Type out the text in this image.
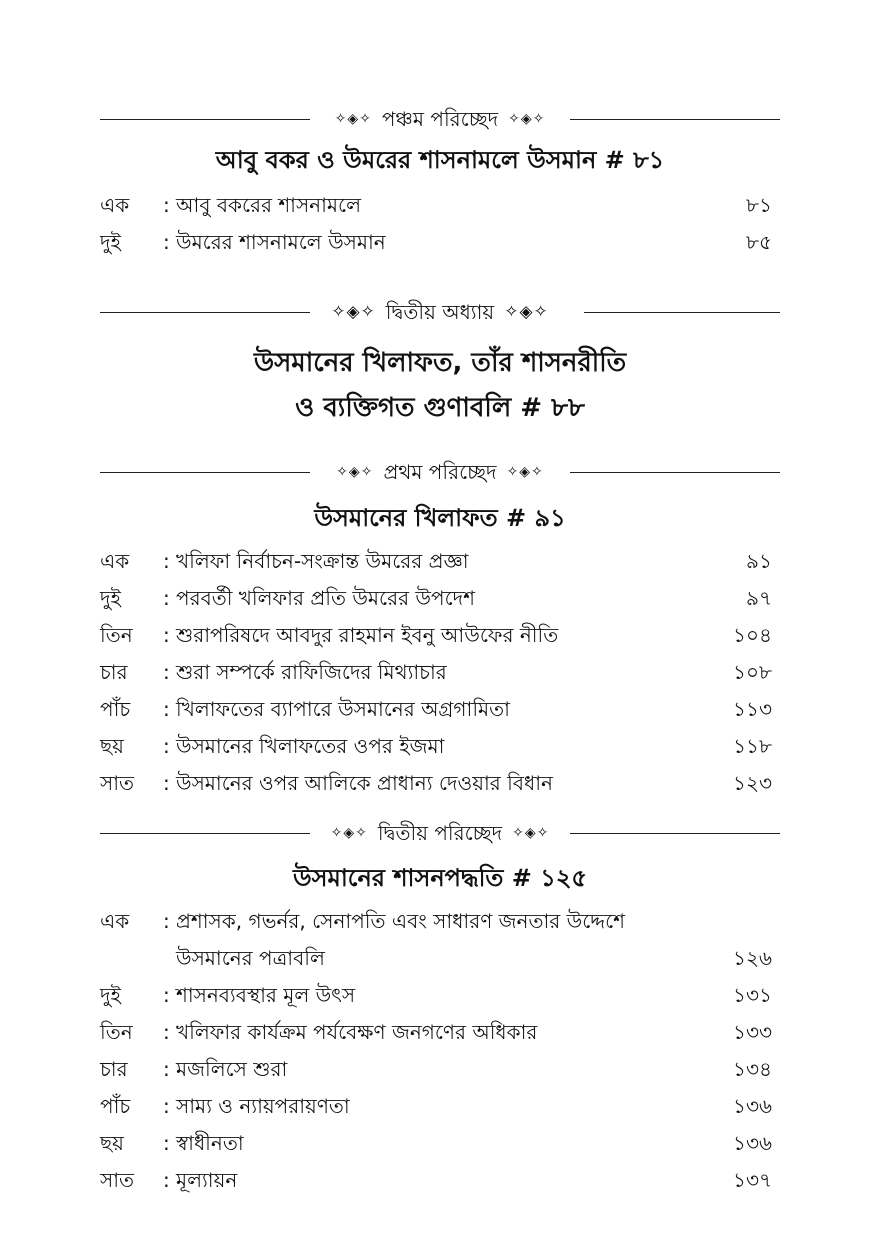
✧◈✧ পঞ্চম পরিচ্ছেদ ✧◈✧
আবু বকর ও উমরের শাসনামলে উসমান # ৮১
এক	: আবু বকরের শাসনামলে	৮১
দুই	: উমরের শাসনামলে উসমান	৮৫
✧◈✧ দ্বিতীয় অধ্যায় ✧◈✧
উসমানের খিলাফত, তাঁর শাসনরীতি
ও ব্যক্তিগত গুণাবলি # ৮৮
✧◈✧ প্রথম পরিচ্ছেদ ✧◈✧
উসমানের খিলাফত # ৯১
এক	: খলিফা নির্বাচন-সংক্রান্ত উমরের প্রজ্ঞা	৯১
দুই	: পরবর্তী খলিফার প্রতি উমরের উপদেশ	৯৭
তিন	: শুরাপরিষদে আবদুর রাহমান ইবনু আউফের নীতি	১০৪
চার	: শুরা সম্পর্কে রাফিজিদের মিথ্যাচার	১০৮
পাঁচ	: খিলাফতের ব্যাপারে উসমানের অগ্রগামিতা	১১৩
ছয়	: উসমানের খিলাফতের ওপর ইজমা	১১৮
সাত	: উসমানের ওপর আলিকে প্রাধান্য দেওয়ার বিধান	১২৩
✧◈✧ দ্বিতীয় পরিচ্ছেদ ✧◈✧
উসমানের শাসনপদ্ধতি # ১২৫
এক	: প্রশাসক, গভর্নর, সেনাপতি এবং সাধারণ জনতার উদ্দেশে
উসমানের পত্রাবলি	১২৬
দুই	: শাসনব্যবস্থার মূল উৎস	১৩১
তিন	: খলিফার কার্যক্রম পর্যবেক্ষণ জনগণের অধিকার	১৩৩
চার	: মজলিসে শুরা	১৩৪
পাঁচ	: সাম্য ও ন্যায়পরায়ণতা	১৩৬
ছয়	: স্বাধীনতা	১৩৬
সাত	: মূল্যায়ন	১৩৭
